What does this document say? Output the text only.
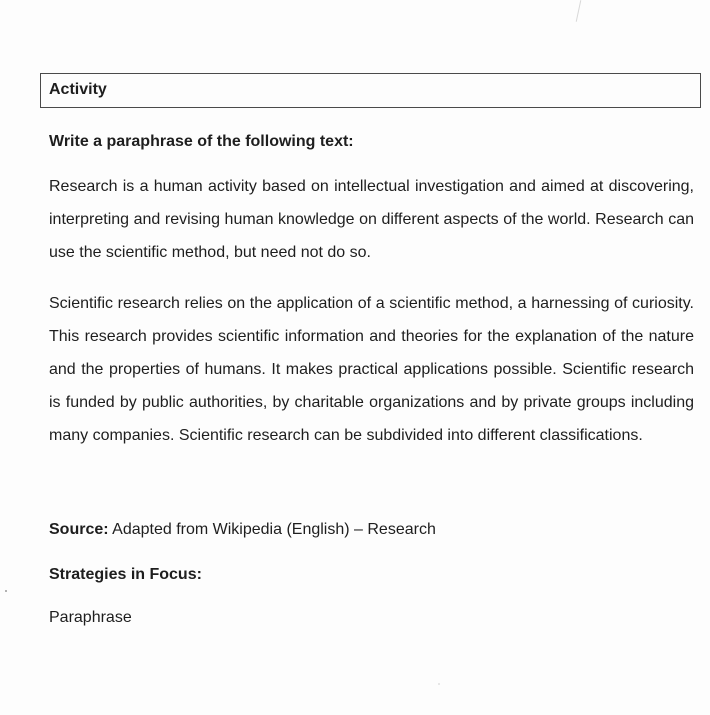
Activity
Write a paraphrase of the following text:

Research is a human activity based on intellectual investigation and aimed at discovering, interpreting and revising human knowledge on different aspects of the world. Research can use the scientific method, but need not do so.

Scientific research relies on the application of a scientific method, a harnessing of curiosity. This research provides scientific information and theories for the explanation of the nature and the properties of humans. It makes practical applications possible. Scientific research is funded by public authorities, by charitable organizations and by private groups including many companies. Scientific research can be subdivided into different classifications.

Source: Adapted from Wikipedia (English) – Research
Strategies in Focus:
Paraphrase
